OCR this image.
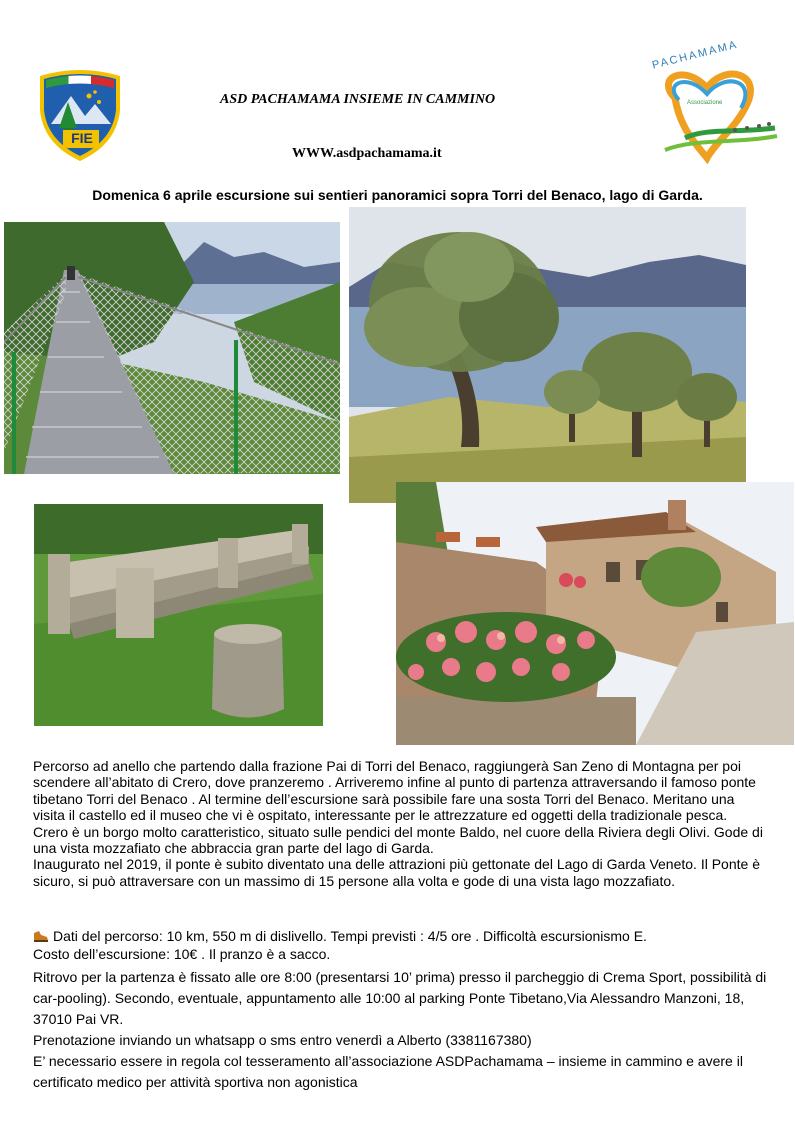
FIE
ASD PACHAMAMA INSIEME IN CAMMINO
WWW.asdpachamama.it
PACHAMAMA
Associazione
Domenica 6 aprile escursione sui sentieri panoramici sopra Torri del Benaco, lago di Garda.

Percorso ad anello che partendo dalla frazione Pai di Torri del Benaco, raggiungerà San Zeno di Montagna per poi scendere all’abitato di Crero, dove pranzeremo . Arriveremo infine al punto di partenza attraversando il famoso ponte tibetano Torri del Benaco . Al termine dell’escursione sarà possibile fare una sosta Torri del Benaco. Meritano una visita il castello ed il museo che vi è ospitato, interessante per le attrezzature ed oggetti della tradizionale pesca.

Crero è un borgo molto caratteristico, situato sulle pendici del monte Baldo, nel cuore della Riviera degli Olivi. Gode di una vista mozzafiato che abbraccia gran parte del lago di Garda.

Inaugurato nel 2019, il ponte è subito diventato una delle attrazioni più gettonate del Lago di Garda Veneto. Il Ponte è sicuro, si può attraversare con un massimo di 15 persone alla volta e gode di una vista lago mozzafiato.

Dati del percorso: 10 km, 550 m di dislivello. Tempi previsti : 4/5 ore . Difficoltà escursionismo E.

Costo dell’escursione: 10€ . Il pranzo è a sacco.

Ritrovo per la partenza è fissato alle ore 8:00 (presentarsi 10’ prima) presso il parcheggio di Crema Sport, possibilità di car-pooling). Secondo, eventuale, appuntamento alle 10:00 al parking Ponte Tibetano,Via Alessandro Manzoni, 18, 37010 Pai VR.

Prenotazione inviando un whatsapp o sms entro venerdì a Alberto (3381167380)

E’ necessario essere in regola col tesseramento all’associazione ASDPachamama – insieme in cammino e avere il certificato medico per attività sportiva non agonistica
